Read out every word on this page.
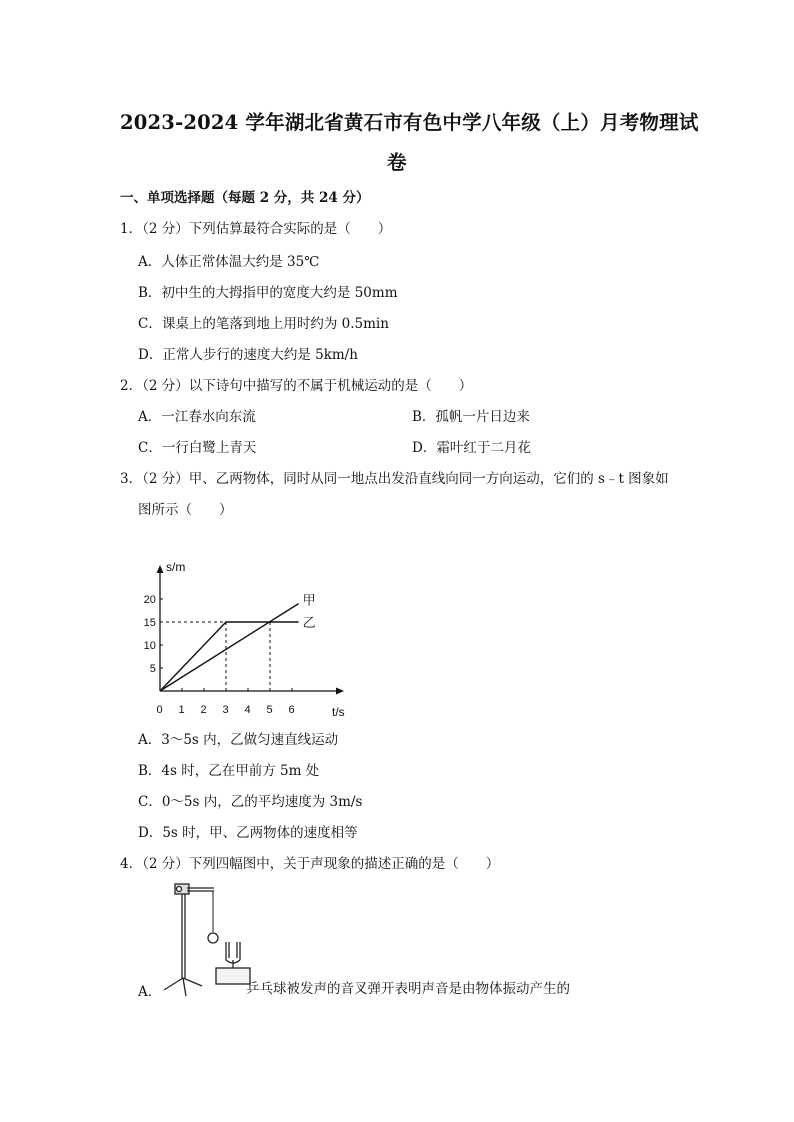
2023-2024 学年湖北省黄石市有色中学八年级（上）月考物理试
卷
一、单项选择题（每题 2 分，共 24 分）
1．（2 分）下列估算最符合实际的是（　　）
A．人体正常体温大约是 35℃
B．初中生的大拇指甲的宽度大约是 50mm
C．课桌上的笔落到地上用时约为 0.5min
D．正常人步行的速度大约是 5km/h
2．（2 分）以下诗句中描写的不属于机械运动的是（　　）
A．一江春水向东流	B．孤帆一片日边来
C．一行白鹭上青天	D．霜叶红于二月花
3．（2 分）甲、乙两物体，同时从同一地点出发沿直线向同一方向运动，它们的 s﹣t 图象如
图所示（　　）
s/m
t/s
0 1 2 3 4 5 6
5
10
15
20	甲
乙
A．3～5s 内，乙做匀速直线运动
B．4s 时，乙在甲前方 5m 处
C．0～5s 内，乙的平均速度为 3m/s
D．5s 时，甲、乙两物体的速度相等
4．（2 分）下列四幅图中，关于声现象的描述正确的是（　　）
A．	乒乓球被发声的音叉弹开表明声音是由物体振动产生的
